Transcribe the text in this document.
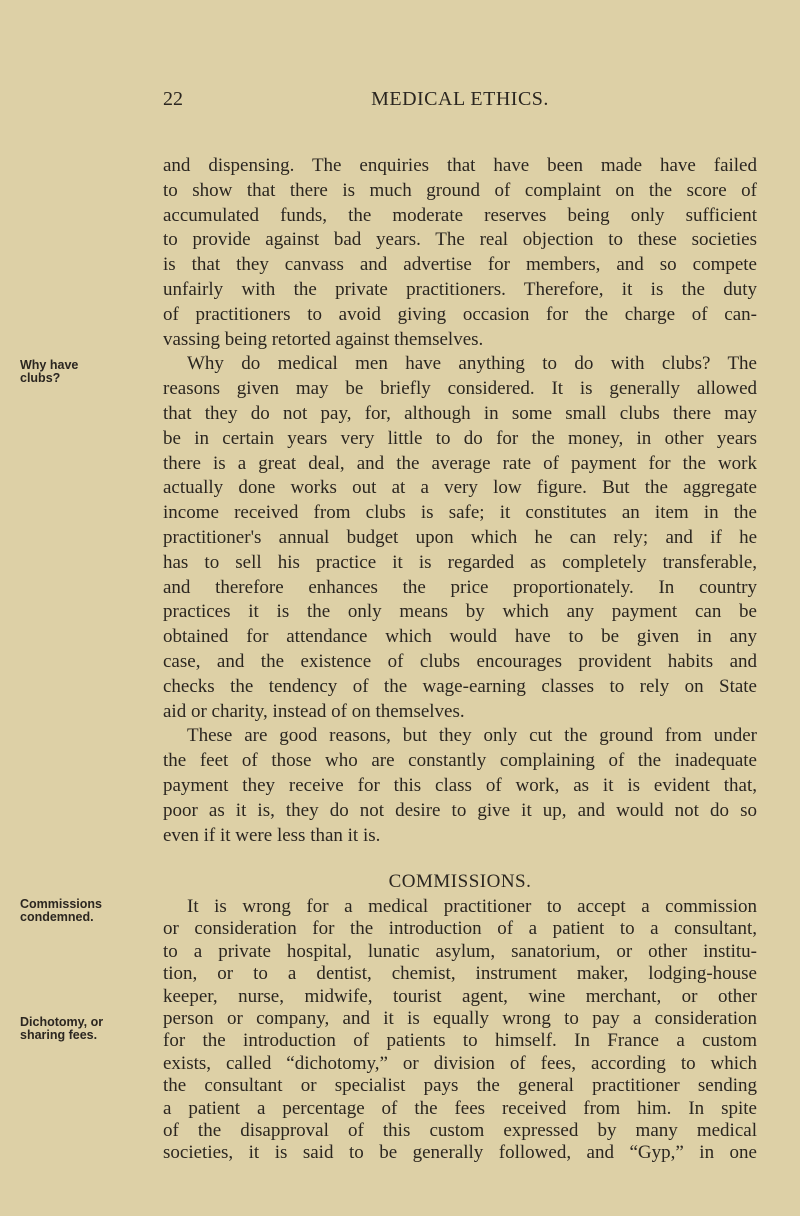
22	MEDICAL ETHICS.
and dispensing. The enquiries that have been made have failed
to show that there is much ground of complaint on the score of
accumulated funds, the moderate reserves being only sufficient
to provide against bad years. The real objection to these societies
is that they canvass and advertise for members, and so compete
unfairly with the private practitioners. Therefore, it is the duty
of practitioners to avoid giving occasion for the charge of can-
vassing being retorted against themselves.
Why do medical men have anything to do with clubs? The
reasons given may be briefly considered. It is generally allowed
that they do not pay, for, although in some small clubs there may
be in certain years very little to do for the money, in other years
there is a great deal, and the average rate of payment for the work
actually done works out at a very low figure. But the aggregate
income received from clubs is safe; it constitutes an item in the
practitioner's annual budget upon which he can rely; and if he
has to sell his practice it is regarded as completely transferable,
and therefore enhances the price proportionately. In country
practices it is the only means by which any payment can be
obtained for attendance which would have to be given in any
case, and the existence of clubs encourages provident habits and
checks the tendency of the wage-earning classes to rely on State
aid or charity, instead of on themselves.
These are good reasons, but they only cut the ground from under
the feet of those who are constantly complaining of the inadequate
payment they receive for this class of work, as it is evident that,
poor as it is, they do not desire to give it up, and would not do so
even if it were less than it is.
COMMISSIONS.
It is wrong for a medical practitioner to accept a commission
or consideration for the introduction of a patient to a consultant,
to a private hospital, lunatic asylum, sanatorium, or other institu-
tion, or to a dentist, chemist, instrument maker, lodging-house
keeper, nurse, midwife, tourist agent, wine merchant, or other
person or company, and it is equally wrong to pay a consideration
for the introduction of patients to himself. In France a custom
exists, called “dichotomy,” or division of fees, according to which
the consultant or specialist pays the general practitioner sending
a patient a percentage of the fees received from him. In spite
of the disapproval of this custom expressed by many medical
societies, it is said to be generally followed, and “Gyp,” in one
Why have clubs?
Commissions condemned.
Dichotomy, or sharing fees.
